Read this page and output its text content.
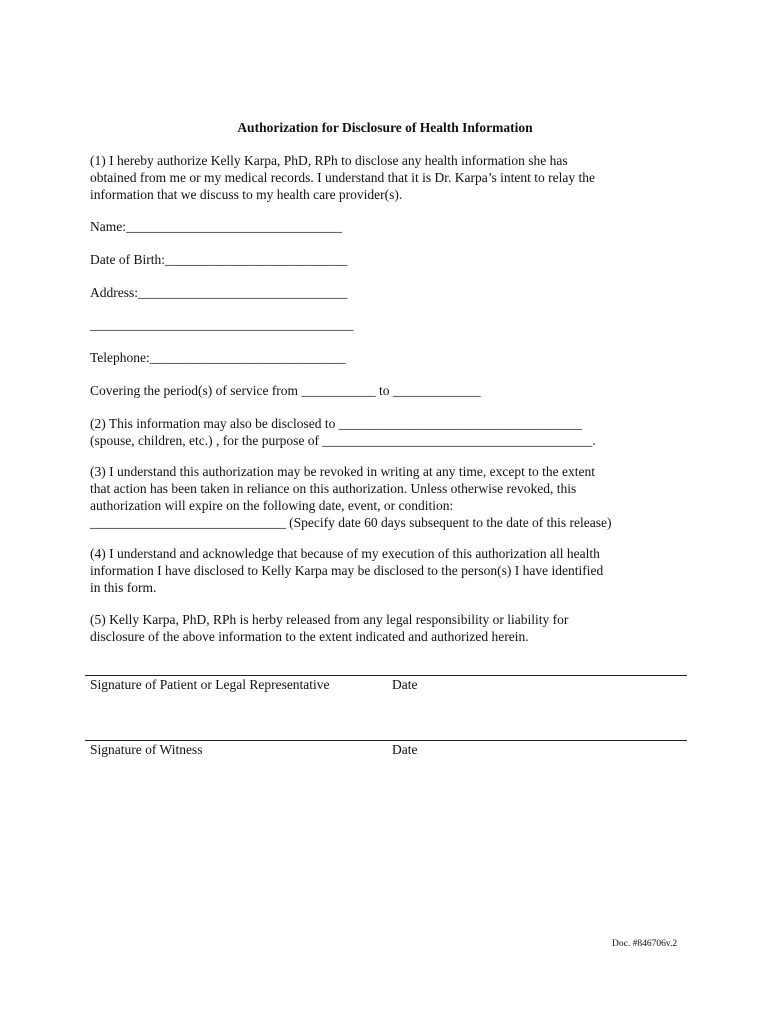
Authorization for Disclosure of Health Information
(1) I hereby authorize Kelly Karpa, PhD, RPh to disclose any health information she has
obtained from me or my medical records. I understand that it is Dr. Karpa’s intent to relay the
information that we discuss to my health care provider(s).
Name:________________________________
Date of Birth:___________________________
Address:_______________________________
_______________________________________
Telephone:_____________________________
Covering the period(s) of service from ___________ to _____________
(2) This information may also be disclosed to ____________________________________
(spouse, children, etc.) , for the purpose of ________________________________________.
(3) I understand this authorization may be revoked in writing at any time, except to the extent
that action has been taken in reliance on this authorization. Unless otherwise revoked, this
authorization will expire on the following date, event, or condition:
_____________________________ (Specify date 60 days subsequent to the date of this release)
(4) I understand and acknowledge that because of my execution of this authorization all health
information I have disclosed to Kelly Karpa may be disclosed to the person(s) I have identified
in this form.
(5) Kelly Karpa, PhD, RPh is herby released from any legal responsibility or liability for
disclosure of the above information to the extent indicated and authorized herein.
Signature of Patient or Legal Representative	Date
Signature of Witness	Date
Doc. #846706v.2
